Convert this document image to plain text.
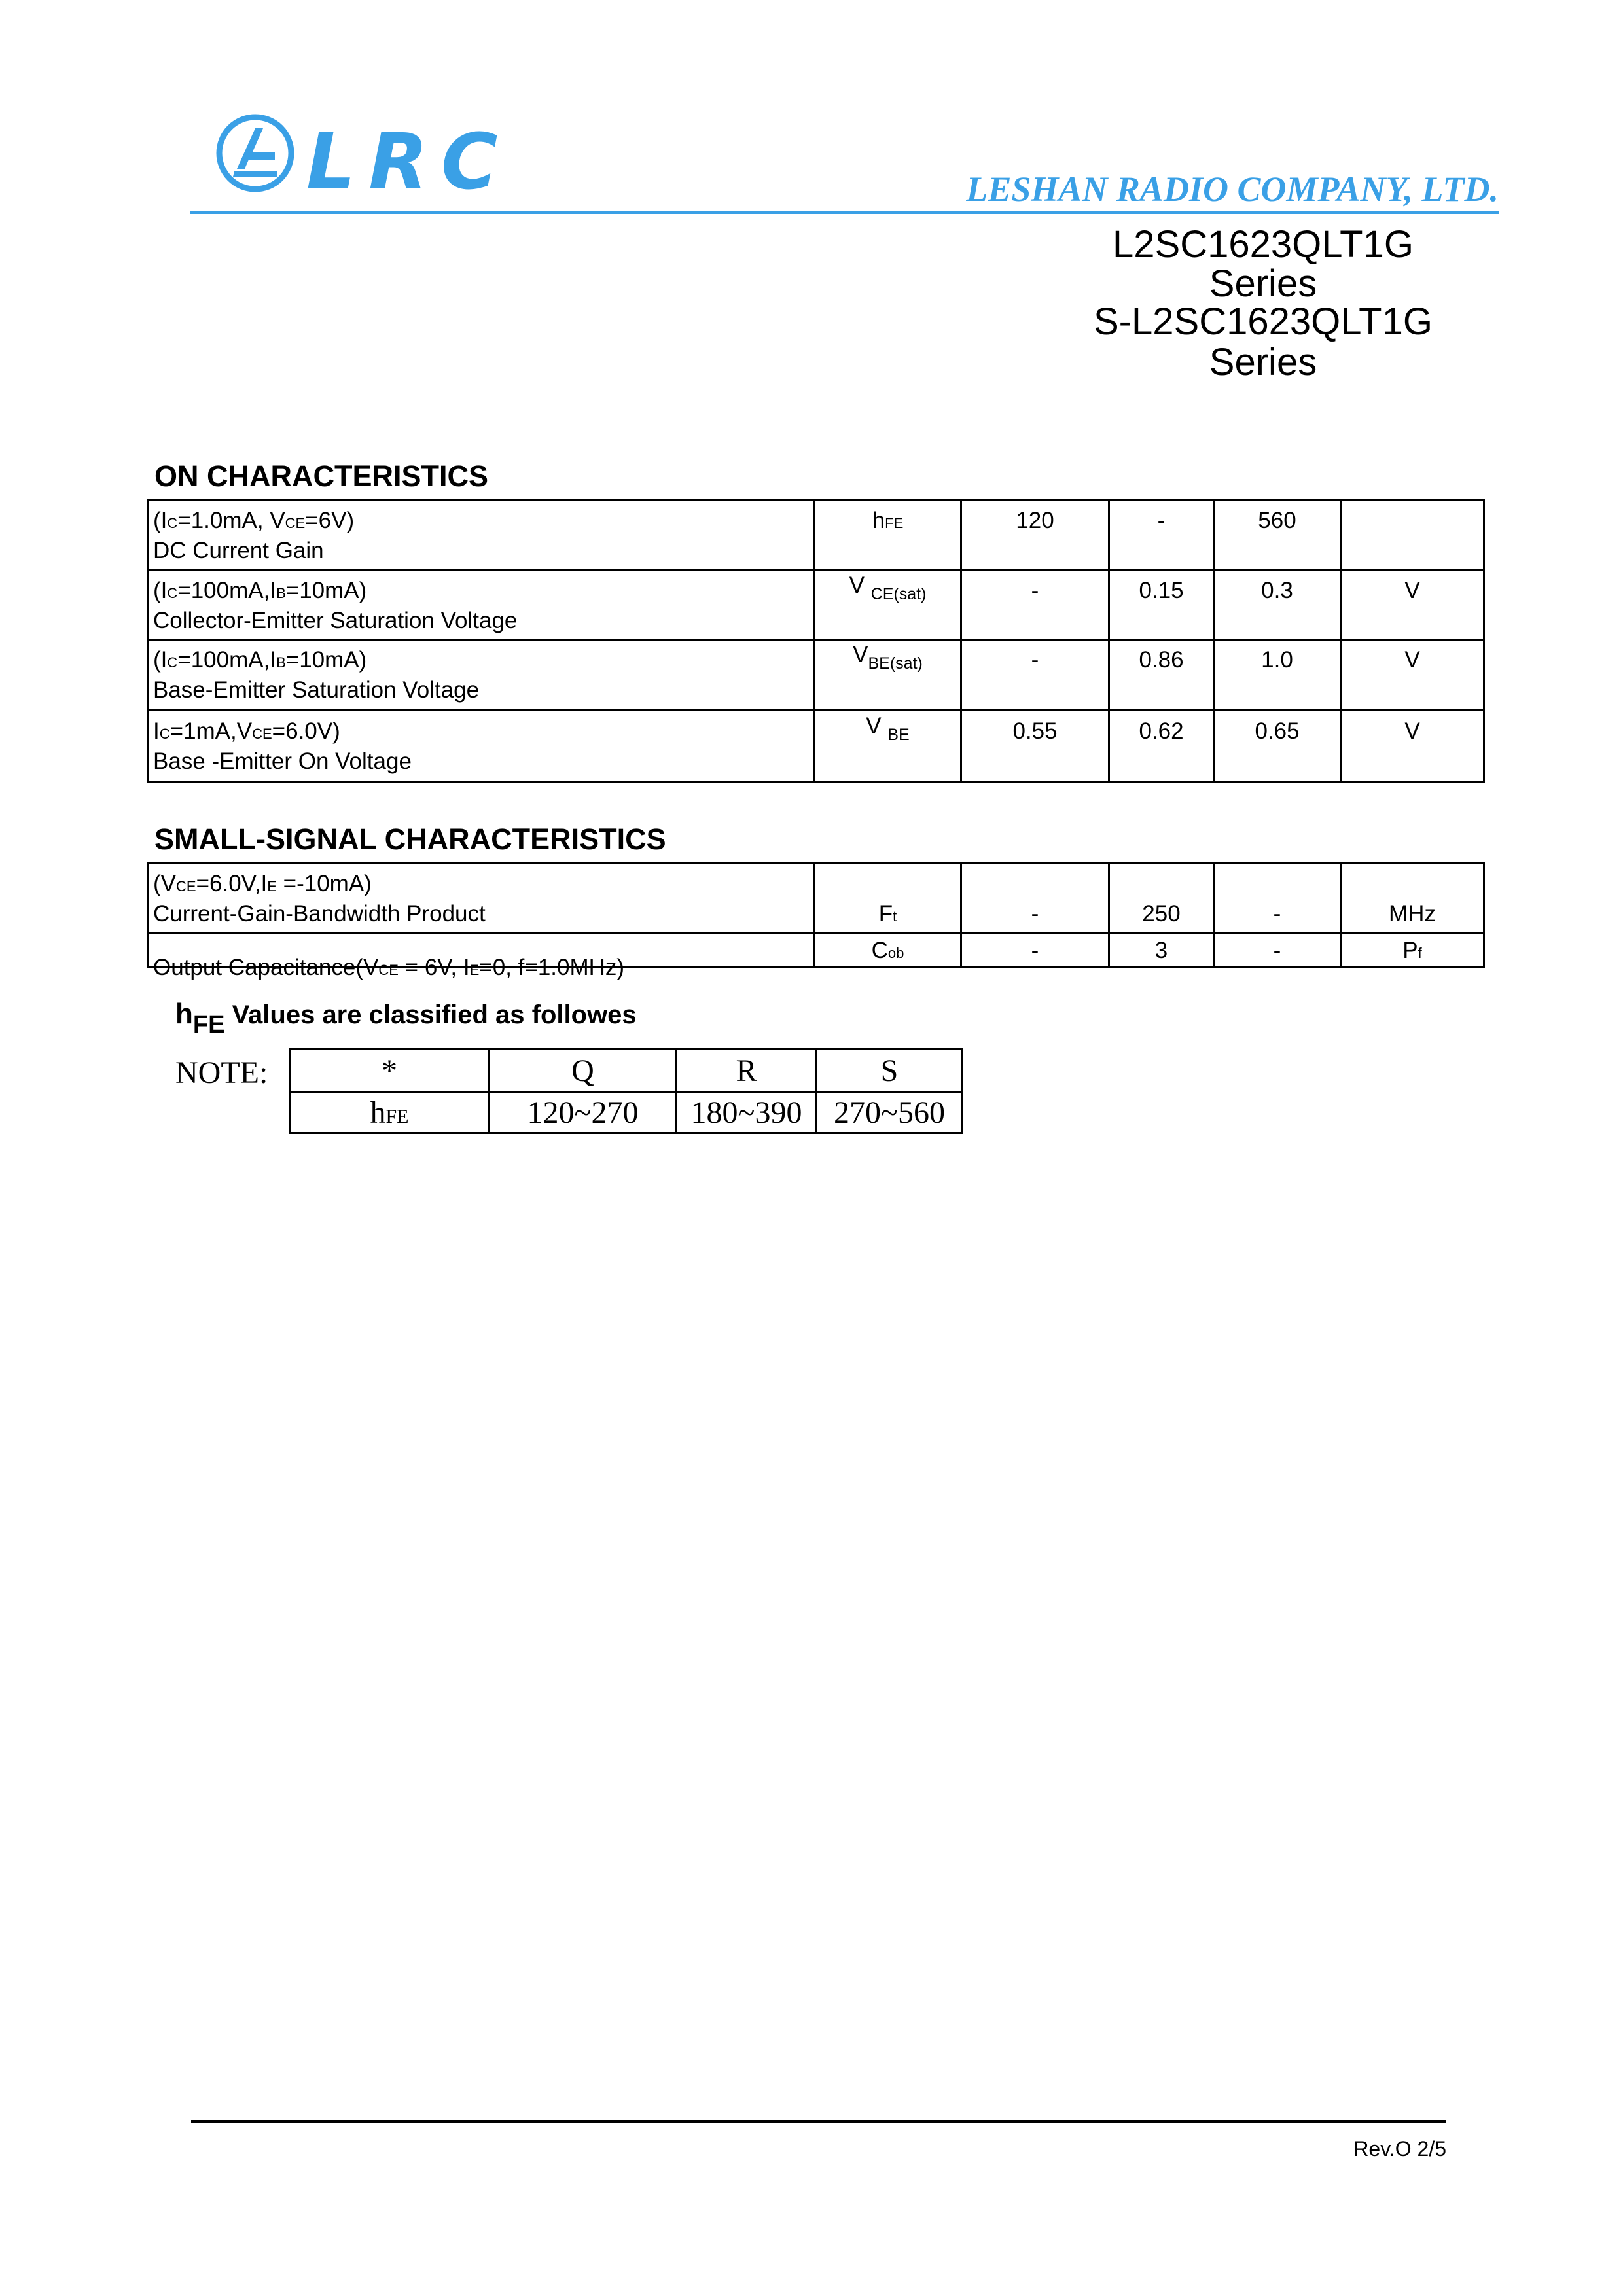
LRC	LESHAN RADIO COMPANY, LTD.
L2SC1623QLT1G
Series
S-L2SC1623QLT1G
Series
ON CHARACTERISTICS
DC Current Gain
(IC=1.0mA, VCE=6V)	hFE	120	-	560	

Collector-Emitter Saturation Voltage
(IC=100mA,IB=10mA)	V $_{CE(sat)}$	-	0.15	0.3	V

Base-Emitter Saturation Voltage
(IC=100mA,IB=10mA)	$V_{BE(sat)}$	-	0.86	1.0	V

Base -Emitter On Voltage
IC=1mA,VCE=6.0V)	V $_{BE}$	0.55	0.62	0.65	V
SMALL-SIGNAL CHARACTERISTICS
Current-Gain-Bandwidth Product
(VCE=6.0V,IE =-10mA)	Ft	-	250	-	MHz

Output Capacitance(VCE = 6V, IE=0, f=1.0MHz)	Cob	-	3	-	Pf
hFE Values are classified as followes
NOTE:	*	Q	R	S
hFE	120~270	180~390	270~560
Rev.O 2/5
